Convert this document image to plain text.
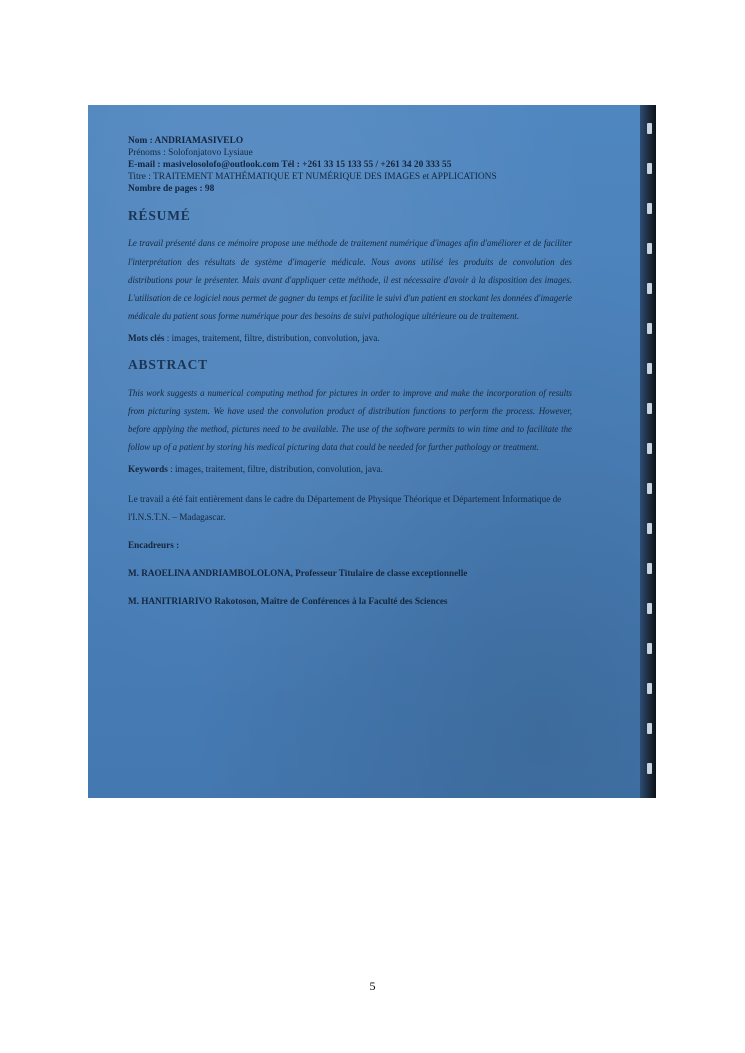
Nom : ANDRIAMASIVELO
Prénoms : Solofonjatovo Lysiaue
E-mail : masivelosolofo@outlook.com Tél : +261 33 15 133 55 / +261 34 20 333 55
Titre : TRAITEMENT MATHÉMATIQUE ET NUMÉRIQUE DES IMAGES et APPLICATIONS
Nombre de pages : 98
RÉSUMÉ

Le travail présenté dans ce mémoire propose une méthode de traitement numérique d'images afin d'améliorer et de faciliter l'interprétation des résultats de système d'imagerie médicale. Nous avons utilisé les produits de convolution des distributions pour le présenter. Mais avant d'appliquer cette méthode, il est nécessaire d'avoir à la disposition des images. L'utilisation de ce logiciel nous permet de gagner du temps et facilite le suivi d'un patient en stockant les données d'imagerie médicale du patient sous forme numérique pour des besoins de suivi pathologique ultérieure ou de traitement.

Mots clés : images, traitement, filtre, distribution, convolution, java.

ABSTRACT

This work suggests a numerical computing method for pictures in order to improve and make the incorporation of results from picturing system. We have used the convolution product of distribution functions to perform the process. However, before applying the method, pictures need to be available. The use of the software permits to win time and to facilitate the follow up of a patient by storing his medical picturing data that could be needed for further pathology or treatment.

Keywords : images, traitement, filtre, distribution, convolution, java.

Le travail a été fait entièrement dans le cadre du Département de Physique Théorique et Département Informatique de l'I.N.S.T.N. – Madagascar.

Encadreurs :

M. RAOELINA ANDRIAMBOLOLONA, Professeur Titulaire de classe exceptionnelle

M. HANITRIARIVO Rakotoson, Maître de Conférences à la Faculté des Sciences

5
